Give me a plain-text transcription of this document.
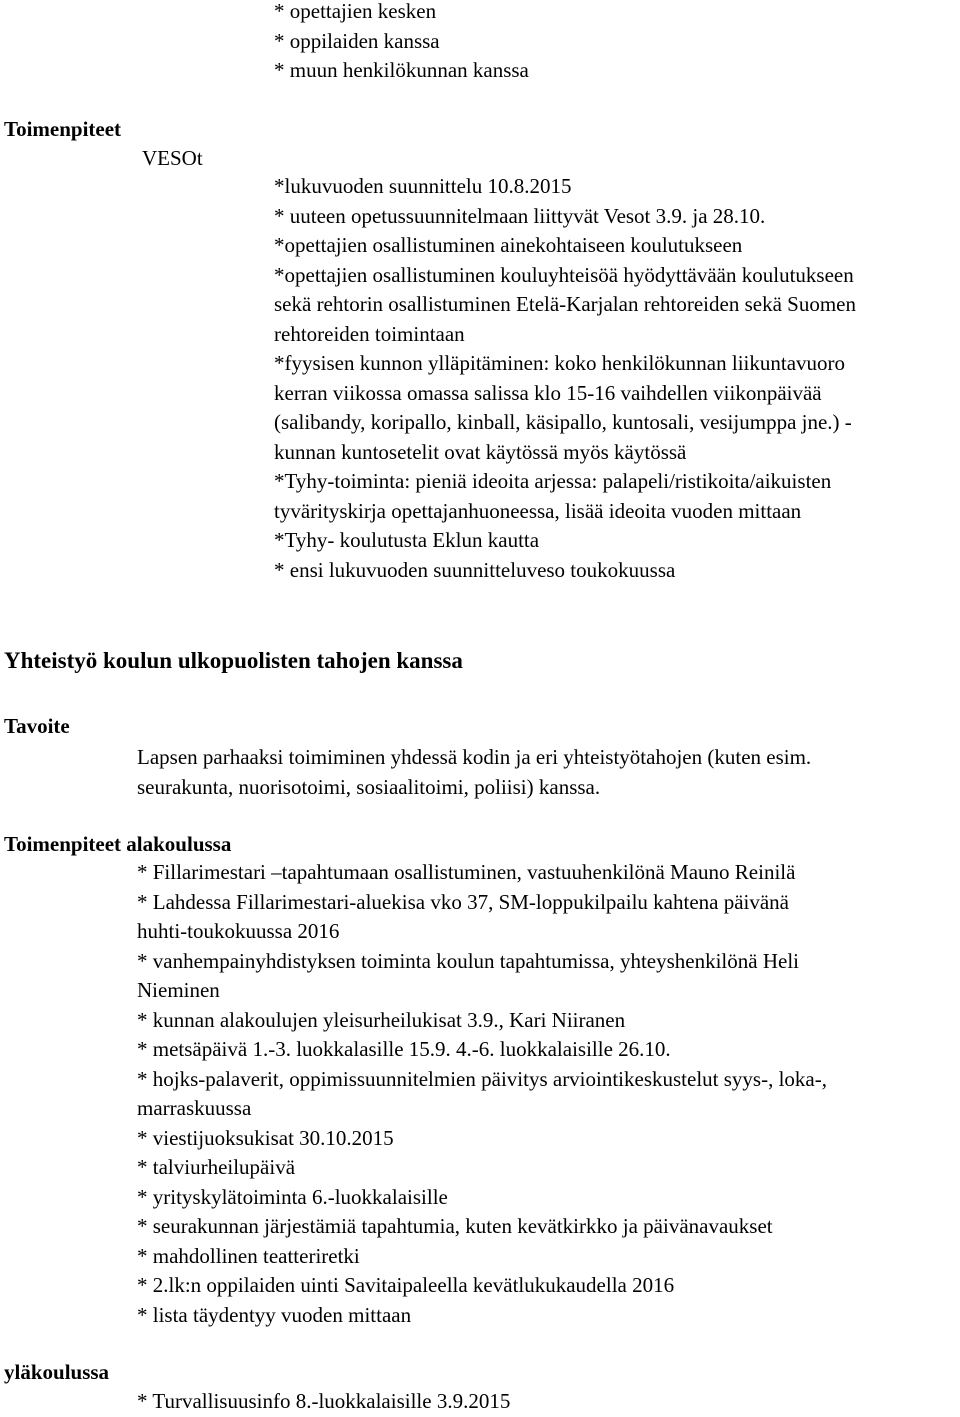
* opettajien kesken
* oppilaiden kanssa
* muun henkilökunnan kanssa
Toimenpiteet
VESOt
*lukuvuoden suunnittelu 10.8.2015
* uuteen opetussuunnitelmaan liittyvät Vesot 3.9. ja 28.10.
*opettajien osallistuminen ainekohtaiseen koulutukseen
*opettajien osallistuminen kouluyhteisöä hyödyttävään koulutukseen
sekä rehtorin osallistuminen Etelä-Karjalan rehtoreiden sekä Suomen
rehtoreiden toimintaan
*fyysisen kunnon ylläpitäminen: koko henkilökunnan liikuntavuoro
kerran viikossa omassa salissa klo 15-16 vaihdellen viikonpäivää
(salibandy, koripallo, kinball, käsipallo, kuntosali, vesijumppa jne.) -
kunnan kuntosetelit ovat käytössä myös käytössä
*Tyhy-toiminta: pieniä ideoita arjessa: palapeli/ristikoita/aikuisten
tyvärityskirja opettajanhuoneessa, lisää ideoita vuoden mittaan
*Tyhy- koulutusta Eklun kautta
* ensi lukuvuoden suunnitteluveso toukokuussa
Yhteistyö koulun ulkopuolisten tahojen kanssa
Tavoite
Lapsen parhaaksi toimiminen yhdessä kodin ja eri yhteistyötahojen (kuten esim.
seurakunta, nuorisotoimi, sosiaalitoimi, poliisi) kanssa.
Toimenpiteet alakoulussa
* Fillarimestari –tapahtumaan osallistuminen, vastuuhenkilönä Mauno Reinilä
* Lahdessa Fillarimestari-aluekisa vko 37, SM-loppukilpailu kahtena päivänä
huhti-toukokuussa 2016
* vanhempainyhdistyksen toiminta koulun tapahtumissa, yhteyshenkilönä Heli
Nieminen
* kunnan alakoulujen yleisurheilukisat 3.9., Kari Niiranen
* metsäpäivä 1.-3. luokkalasille 15.9. 4.-6. luokkalaisille 26.10.
* hojks-palaverit, oppimissuunnitelmien päivitys arviointikeskustelut syys-, loka-,
marraskuussa
* viestijuoksukisat 30.10.2015
* talviurheilupäivä
* yrityskylätoiminta 6.-luokkalaisille
* seurakunnan järjestämiä tapahtumia, kuten kevätkirkko ja päivänavaukset
* mahdollinen teatteriretki
* 2.lk:n oppilaiden uinti Savitaipaleella kevätlukukaudella 2016
* lista täydentyy vuoden mittaan
yläkoulussa
* Turvallisuusinfo 8.-luokkalaisille 3.9.2015
